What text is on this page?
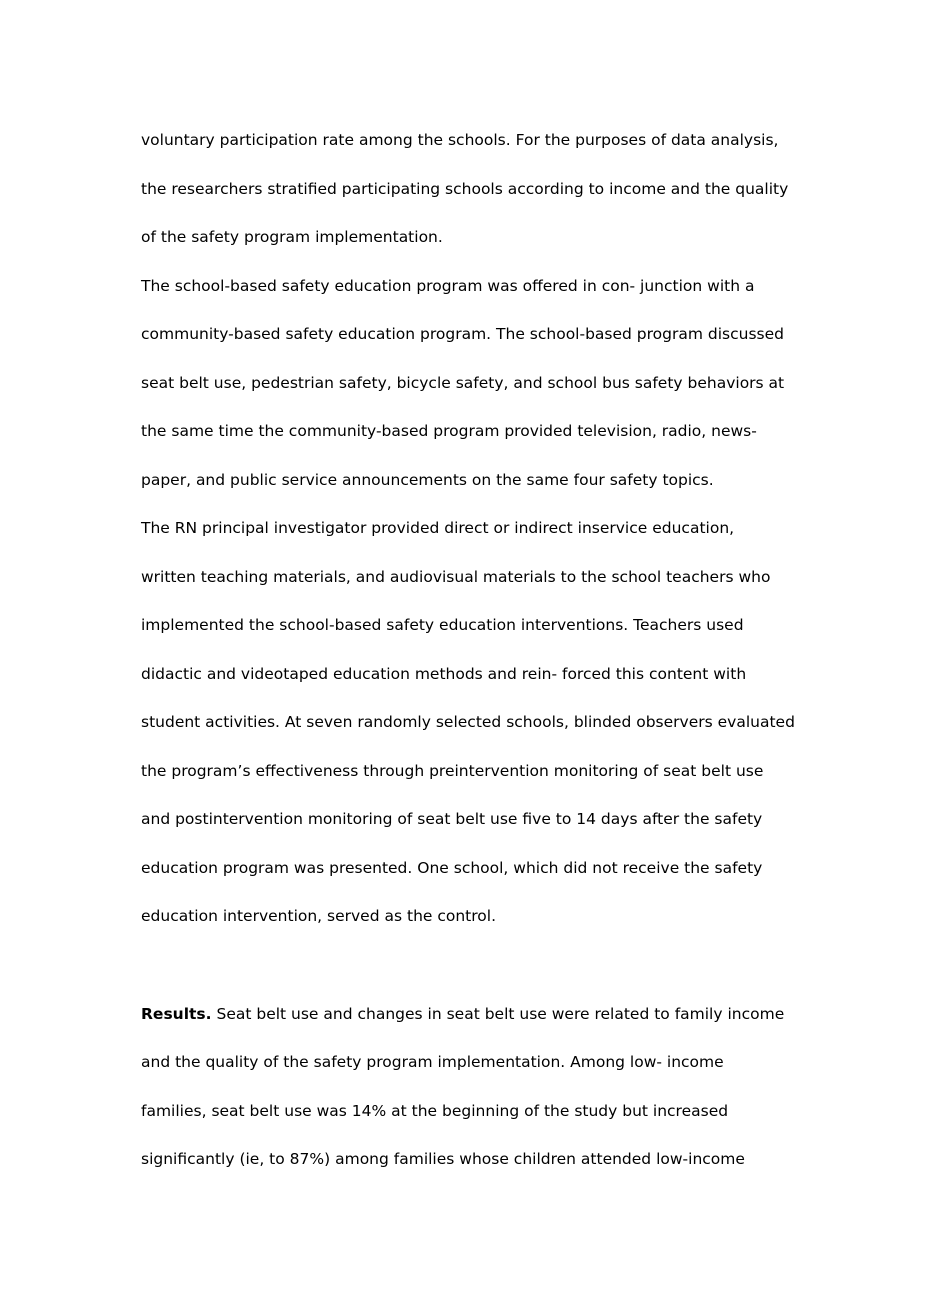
voluntary participation rate among the schools. For the purposes of data analysis,
the researchers stratified participating schools according to income and the quality
of the safety program implementation.

The school-based safety education program was offered in con- junction with a
community-based safety education program. The school-based program discussed
seat belt use, pedestrian safety, bicycle safety, and school bus safety behaviors at
the same time the community-based program provided television, radio, news-
paper, and public service announcements on the same four safety topics.

The RN principal investigator provided direct or indirect inservice education,
written teaching materials, and audiovisual materials to the school teachers who
implemented the school-based safety education interventions. Teachers used
didactic and videotaped education methods and rein- forced this content with
student activities. At seven randomly selected schools, blinded observers evaluated
the program’s effectiveness through preintervention monitoring of seat belt use
and postintervention monitoring of seat belt use five to 14 days after the safety
education program was presented. One school, which did not receive the safety
education intervention, served as the control.

Results. Seat belt use and changes in seat belt use were related to family income
and the quality of the safety program implementation. Among low- income
families, seat belt use was 14% at the beginning of the study but increased
significantly (ie, to 87%) among families whose children attended low-income
